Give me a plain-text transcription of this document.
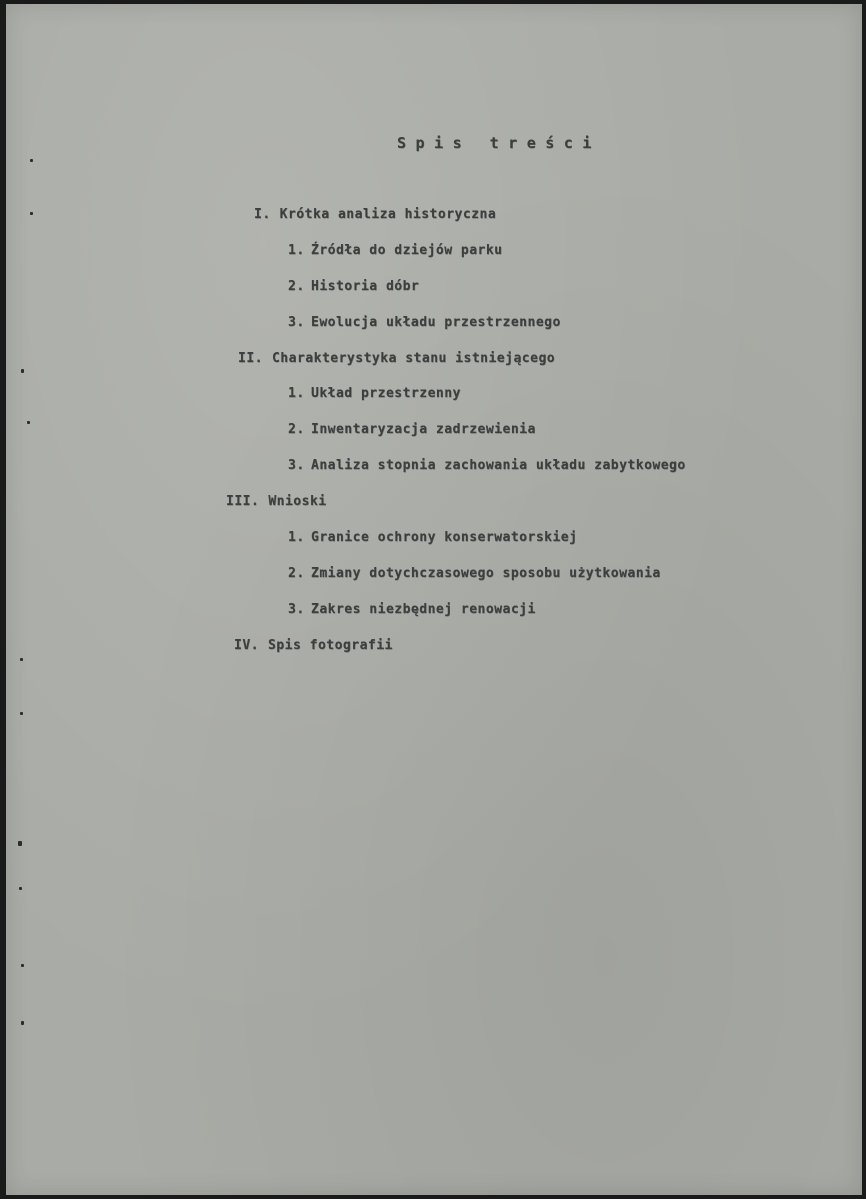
Spis treści
I. Krótka analiza historyczna
1. Źródła do dziejów parku
2. Historia dóbr
3. Ewolucja układu przestrzennego
II. Charakterystyka stanu istniejącego
1. Układ przestrzenny
2. Inwentaryzacja zadrzewienia
3. Analiza stopnia zachowania układu zabytkowego
III. Wnioski
1. Granice ochrony konserwatorskiej
2. Zmiany dotychczasowego sposobu użytkowania
3. Zakres niezbędnej renowacji
IV. Spis fotografii
